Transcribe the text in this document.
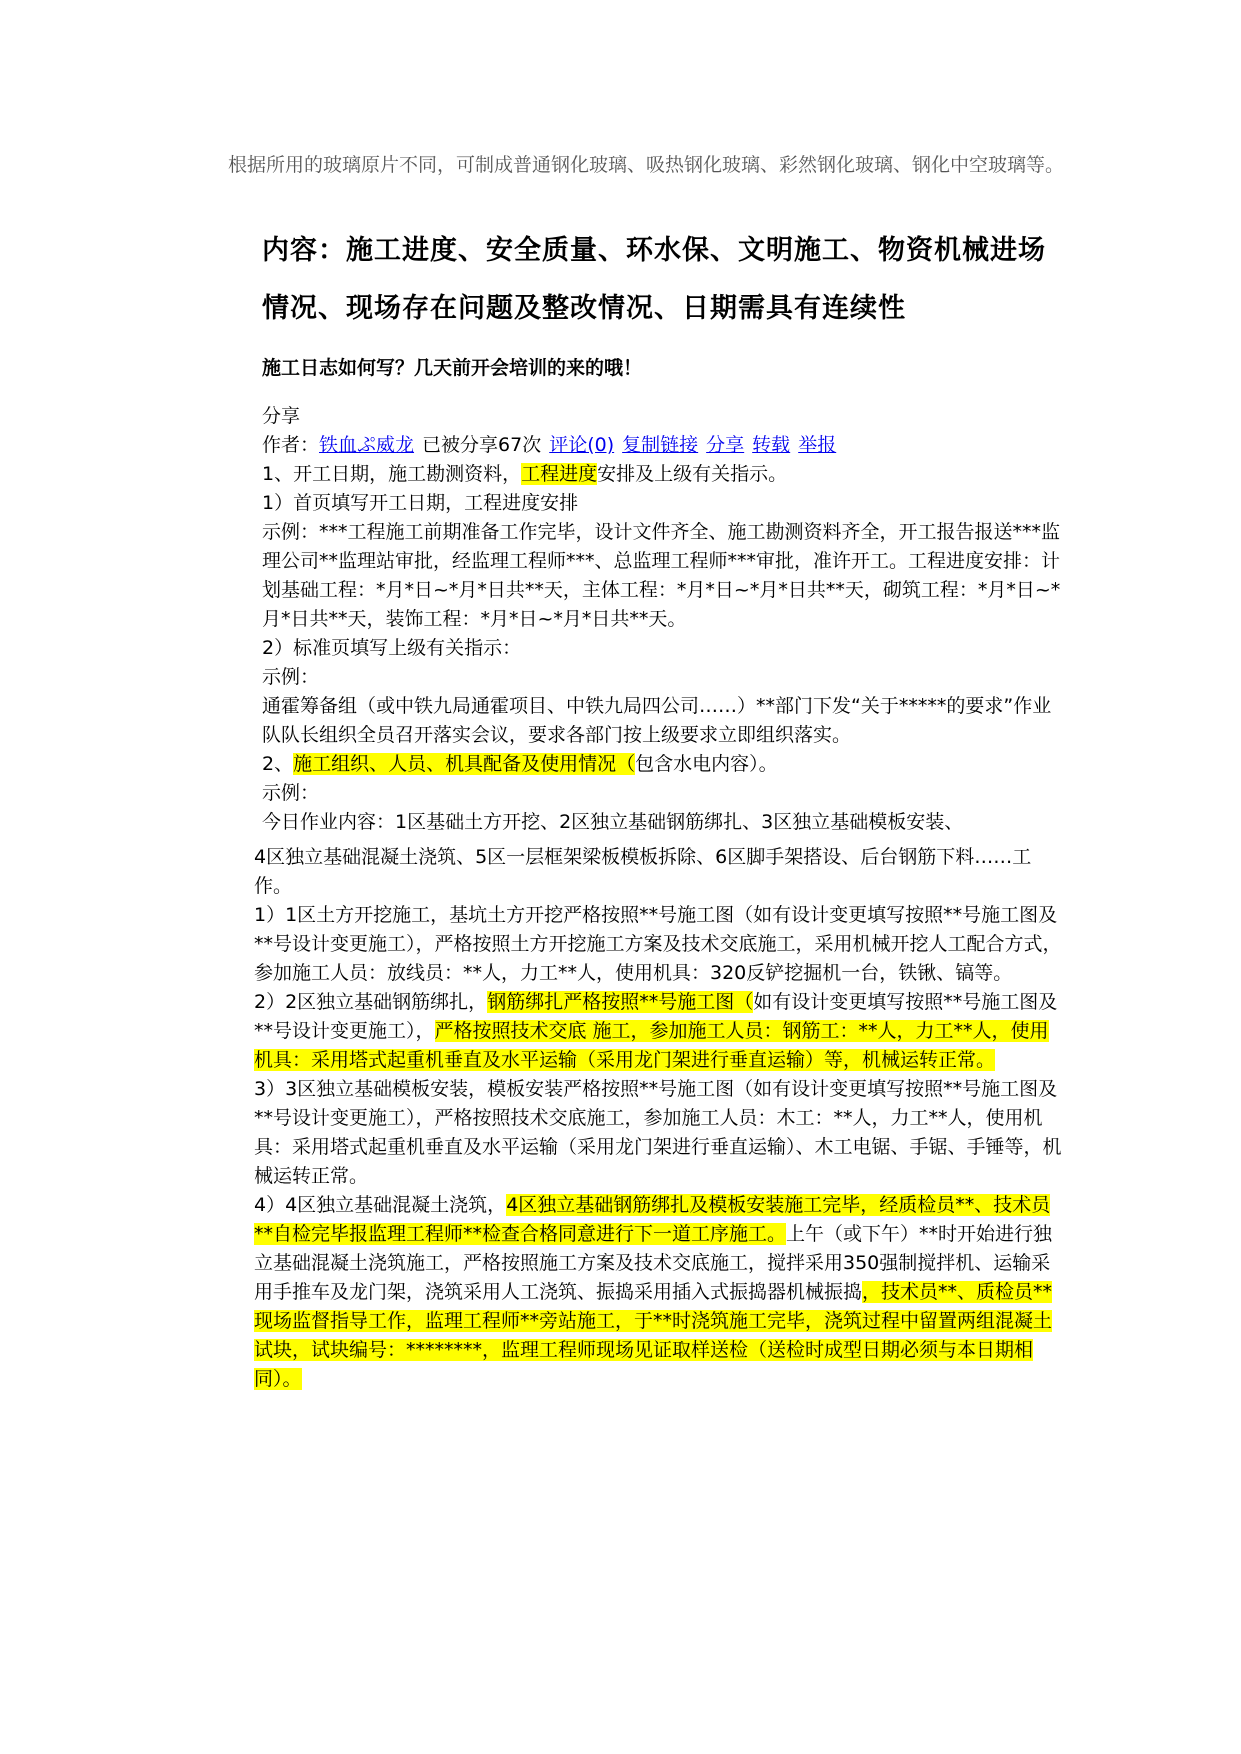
根据所用的玻璃原片不同，可制成普通钢化玻璃、吸热钢化玻璃、彩然钢化玻璃、钢化中空玻璃等。
内容：施工进度、安全质量、环水保、文明施工、物资机械进场情况、现场存在问题及整改情况、日期需具有连续性
施工日志如何写？几天前开会培训的来的哦！

分享

作者：铁血ぷ威龙 已被分享67次 评论(0) 复制链接 分享 转载 举报

1、开工日期，施工勘测资料，工程进度安排及上级有关指示。

1）首页填写开工日期，工程进度安排

示例：***工程施工前期准备工作完毕，设计文件齐全、施工勘测资料齐全，开工报告报送***监理公司**监理站审批，经监理工程师***、总监理工程师***审批，准许开工。工程进度安排：计划基础工程：*月*日~*月*日共**天，主体工程：*月*日~*月*日共**天，砌筑工程：*月*日~*月*日共**天，装饰工程：*月*日~*月*日共**天。

2）标准页填写上级有关指示：

示例：

通霍筹备组（或中铁九局通霍项目、中铁九局四公司……）**部门下发“关于*****的要求”作业队队长组织全员召开落实会议，要求各部门按上级要求立即组织落实。

2、施工组织、人员、机具配备及使用情况（包含水电内容）。

示例：

今日作业内容：1区基础土方开挖、2区独立基础钢筋绑扎、3区独立基础模板安装、

4区独立基础混凝土浇筑、5区一层框架梁板模板拆除、6区脚手架搭设、后台钢筋下料……工作。

1）1区土方开挖施工，基坑土方开挖严格按照**号施工图（如有设计变更填写按照**号施工图及**号设计变更施工），严格按照土方开挖施工方案及技术交底施工，采用机械开挖人工配合方式，参加施工人员：放线员：**人，力工**人，使用机具：320反铲挖掘机一台，铁锹、镐等。

2）2区独立基础钢筋绑扎，钢筋绑扎严格按照**号施工图（如有设计变更填写按照**号施工图及**号设计变更施工），严格按照技术交底 施工，参加施工人员：钢筋工：**人，力工**人，使用机具：采用塔式起重机垂直及水平运输（采用龙门架进行垂直运输）等，机械运转正常。

3）3区独立基础模板安装，模板安装严格按照**号施工图（如有设计变更填写按照**号施工图及**号设计变更施工），严格按照技术交底施工，参加施工人员：木工：**人，力工**人，使用机具：采用塔式起重机垂直及水平运输（采用龙门架进行垂直运输）、木工电锯、手锯、手锤等，机械运转正常。

4）4区独立基础混凝土浇筑，4区独立基础钢筋绑扎及模板安装施工完毕，经质检员**、技术员**自检完毕报监理工程师**检查合格同意进行下一道工序施工。上午（或下午）**时开始进行独立基础混凝土浇筑施工，严格按照施工方案及技术交底施工，搅拌采用350强制搅拌机、运输采用手推车及龙门架，浇筑采用人工浇筑、振捣采用插入式振捣器机械振捣，技术员**、质检员**现场监督指导工作，监理工程师**旁站施工，于**时浇筑施工完毕，浇筑过程中留置两组混凝土试块，试块编号：********，监理工程师现场见证取样送检（送检时成型日期必须与本日期相同）。
